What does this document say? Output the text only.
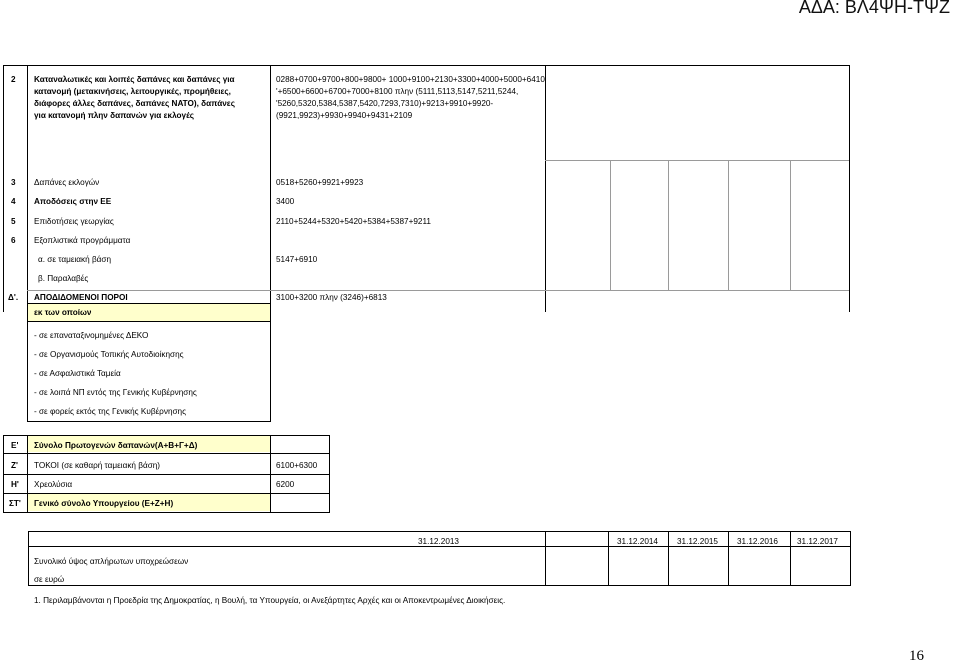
ΑΔΑ: ΒΛ4ΨΗ-ΤΨΖ
2 Καταναλωτικές και λοιπές δαπάνες και δαπάνες για
κατανομή (μετακινήσεις, λειτουργικές, προμήθειες,
διάφορες άλλες δαπάνες, δαπάνες ΝΑΤΟ), δαπάνες
για κατανομή πλην δαπανών για εκλογές
0288+0700+9700+800+9800+ 1000+9100+2130+3300+4000+5000+6410
'+6500+6600+6700+7000+8100 πλην (5111,5113,5147,5211,5244,
'5260,5320,5384,5387,5420,7293,7310)+9213+9910+9920-
(9921,9923)+9930+9940+9431+2109
3 Δαπάνες εκλογών	0518+5260+9921+9923
4 Αποδόσεις στην ΕΕ	3400
5 Επιδοτήσεις γεωργίας	2110+5244+5320+5420+5384+5387+9211
6 Εξοπλιστικά προγράμματα
α. σε ταμειακή βάση	5147+6910
β. Παραλαβές
Δ'. ΑΠΟΔΙΔΟΜΕΝΟΙ ΠΟΡΟΙ	3100+3200 πλην (3246)+6813
εκ των οποίων
- σε επαναταξινομημένες ΔΕΚΟ
- σε Οργανισμούς Τοπικής Αυτοδιοίκησης
- σε Ασφαλιστικά Ταμεία
- σε λοιπά ΝΠ εντός της Γενικής Κυβέρνησης
- σε φορείς εκτός της Γενικής Κυβέρνησης
Ε' Σύνολο Πρωτογενών δαπανών(Α+Β+Γ+Δ)
Ζ' ΤΟΚΟΙ (σε καθαρή ταμειακή βάση)	6100+6300
Η' Χρεολύσια	6200
ΣΤ' Γενικό σύνολο Υπουργείου (Ε+Ζ+Η)
31.12.2013	31.12.2014 31.12.2015 31.12.2016 31.12.2017
Συνολικό ύψος απλήρωτων υποχρεώσεων
σε ευρώ
1. Περιλαμβάνονται η Προεδρία της Δημοκρατίας, η Βουλή, τα Υπουργεία, οι Ανεξάρτητες Αρχές και οι Αποκεντρωμένες Διοικήσεις.
16
